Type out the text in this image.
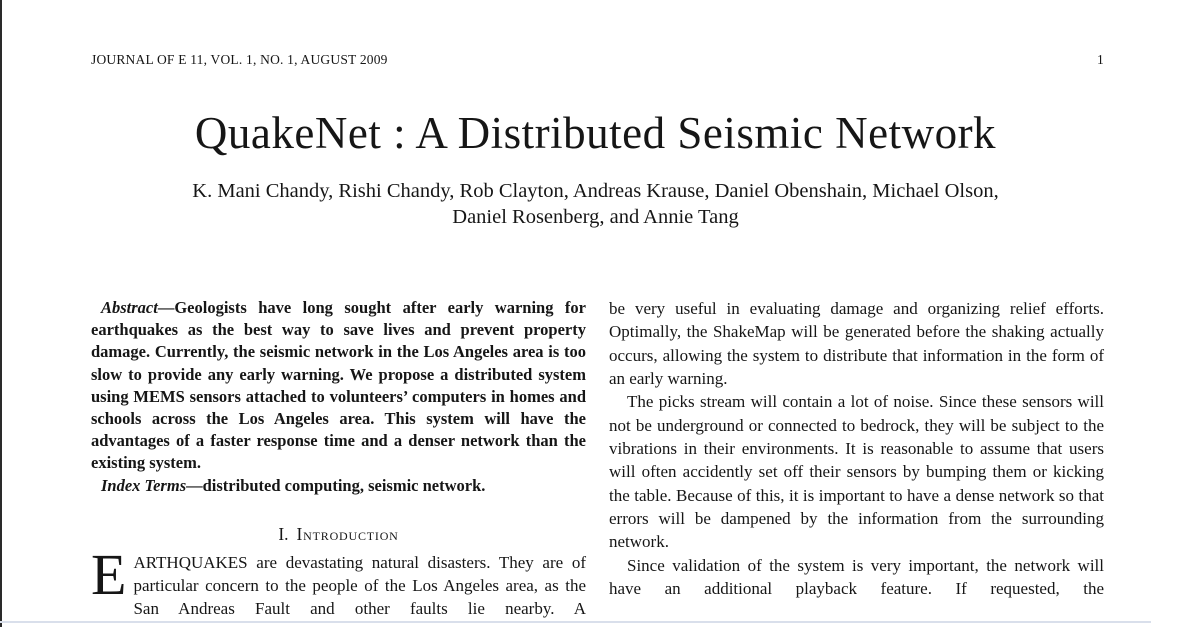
JOURNAL OF E 11, VOL. 1, NO. 1, AUGUST 2009	1
QuakeNet : A Distributed Seismic Network
K. Mani Chandy, Rishi Chandy, Rob Clayton, Andreas Krause, Daniel Obenshain, Michael Olson,
Daniel Rosenberg, and Annie Tang

Abstract—Geologists have long sought after early warning for earthquakes as the best way to save lives and prevent property damage. Currently, the seismic network in the Los Angeles area is too slow to provide any early warning. We propose a distributed system using MEMS sensors attached to volunteers’ computers in homes and schools across the Los Angeles area. This system will have the advantages of a faster response time and a denser network than the existing system.

Index Terms—distributed computing, seismic network.

I. Introduction

EARTHQUAKES are devastating natural disasters. They are of particular concern to the people of the Los Angeles area, as the San Andreas Fault and other faults lie nearby. A

be very useful in evaluating damage and organizing relief efforts. Optimally, the ShakeMap will be generated before the shaking actually occurs, allowing the system to distribute that information in the form of an early warning.

The picks stream will contain a lot of noise. Since these sensors will not be underground or connected to bedrock, they will be subject to the vibrations in their environments. It is reasonable to assume that users will often accidently set off their sensors by bumping them or kicking the table. Because of this, it is important to have a dense network so that errors will be dampened by the information from the surrounding network.

Since validation of the system is very important, the network will have an additional playback feature. If requested, the
